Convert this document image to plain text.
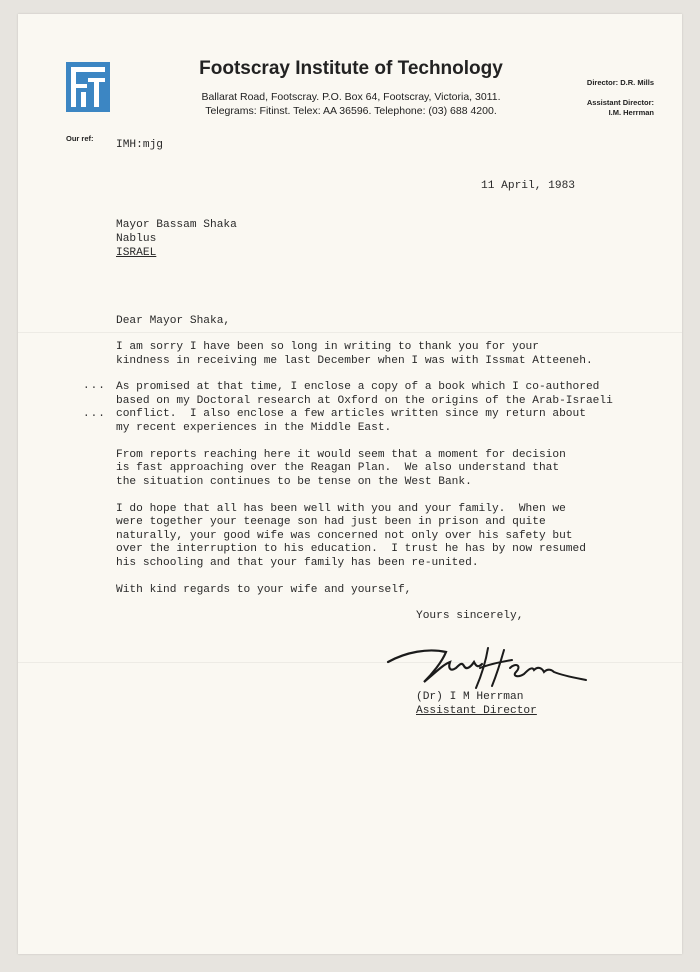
Footscray Institute of Technology
Ballarat Road, Footscray. P.O. Box 64, Footscray, Victoria, 3011.
Telegrams: Fitinst. Telex: AA 36596. Telephone: (03) 688 4200.
Director: D.R. Mills
Assistant Director:
I.M. Herrman
Our ref:
IMH:mjg
11 April, 1983
Mayor Bassam Shaka
Nablus
ISRAEL
Dear Mayor Shaka,
I am sorry I have been so long in writing to thank you for your
kindness in receiving me last December when I was with Issmat Atteeneh.
... As promised at that time, I enclose a copy of a book which I co-authored
based on my Doctoral research at Oxford on the origins of the Arab-Israeli
... conflict.  I also enclose a few articles written since my return about
my recent experiences in the Middle East.
From reports reaching here it would seem that a moment for decision
is fast approaching over the Reagan Plan.  We also understand that
the situation continues to be tense on the West Bank.
I do hope that all has been well with you and your family.  When we
were together your teenage son had just been in prison and quite
naturally, your good wife was concerned not only over his safety but
over the interruption to his education.  I trust he has by now resumed
his schooling and that your family has been re-united.
With kind regards to your wife and yourself,
Yours sincerely,
(Dr) I M Herrman
Assistant Director
